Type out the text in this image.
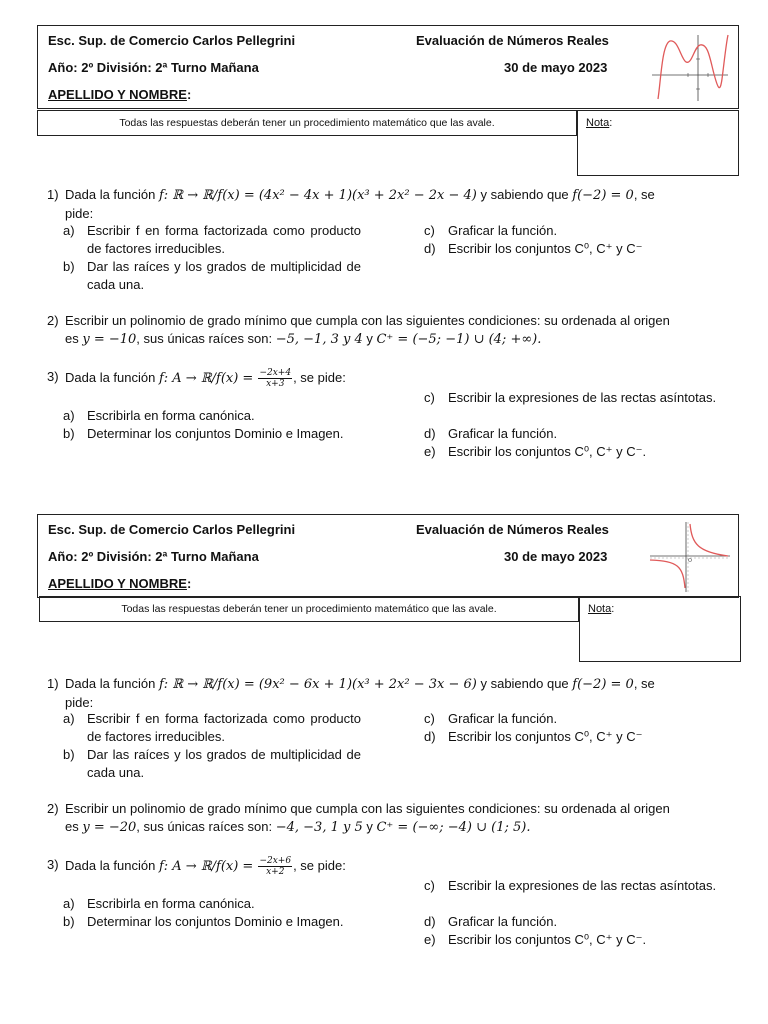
Esc. Sup. de Comercio Carlos Pellegrini	Evaluación de Números Reales
Año: 2º División: 2ª Turno Mañana	30 de mayo 2023
APELLIDO Y NOMBRE:
Todas las respuestas deberán tener un procedimiento matemático que las avale.	Nota:
1) Dada la función f: ℝ → ℝ/f(x) = (4x² − 4x + 1)(x³ + 2x² − 2x − 4) y sabiendo que f(−2) = 0, se
pide:
a) Escribir f en forma factorizada como producto de factores irreducibles.
b) Dar las raíces y los grados de multiplicidad de cada una.
c) Graficar la función.
d) Escribir los conjuntos C⁰, C⁺ y C⁻
2) Escribir un polinomio de grado mínimo que cumpla con las siguientes condiciones: su ordenada al origen
es y = −10, sus únicas raíces son: −5, −1, 3 y 4 y C⁺ = (−5; −1) ∪ (4; +∞).
3) Dada la función f: A → ℝ/f(x) = $\frac{-2x+4}{x+3}$ , se pide:
a) Escribirla en forma canónica.
b) Determinar los conjuntos Dominio e Imagen.
c) Escribir la expresiones de las rectas asíntotas.
d) Graficar la función.
e) Escribir los conjuntos C⁰, C⁺ y C⁻.
Esc. Sup. de Comercio Carlos Pellegrini	Evaluación de Números Reales
Año: 2º División: 2ª Turno Mañana	30 de mayo 2023
APELLIDO Y NOMBRE:
Todas las respuestas deberán tener un procedimiento matemático que las avale.	Nota:
1) Dada la función f: ℝ → ℝ/f(x) = (9x² − 6x + 1)(x³ + 2x² − 3x − 6) y sabiendo que f(−2) = 0, se
pide:
a) Escribir f en forma factorizada como producto de factores irreducibles.
b) Dar las raíces y los grados de multiplicidad de cada una.
c) Graficar la función.
d) Escribir los conjuntos C⁰, C⁺ y C⁻
2) Escribir un polinomio de grado mínimo que cumpla con las siguientes condiciones: su ordenada al origen
es y = −20, sus únicas raíces son: −4, −3, 1 y 5 y C⁺ = (−∞; −4) ∪ (1; 5).
3) Dada la función f: A → ℝ/f(x) = $\frac{-2x+6}{x+2}$ , se pide:
a) Escribirla en forma canónica.
b) Determinar los conjuntos Dominio e Imagen.
c) Escribir la expresiones de las rectas asíntotas.
d) Graficar la función.
e) Escribir los conjuntos C⁰, C⁺ y C⁻.
